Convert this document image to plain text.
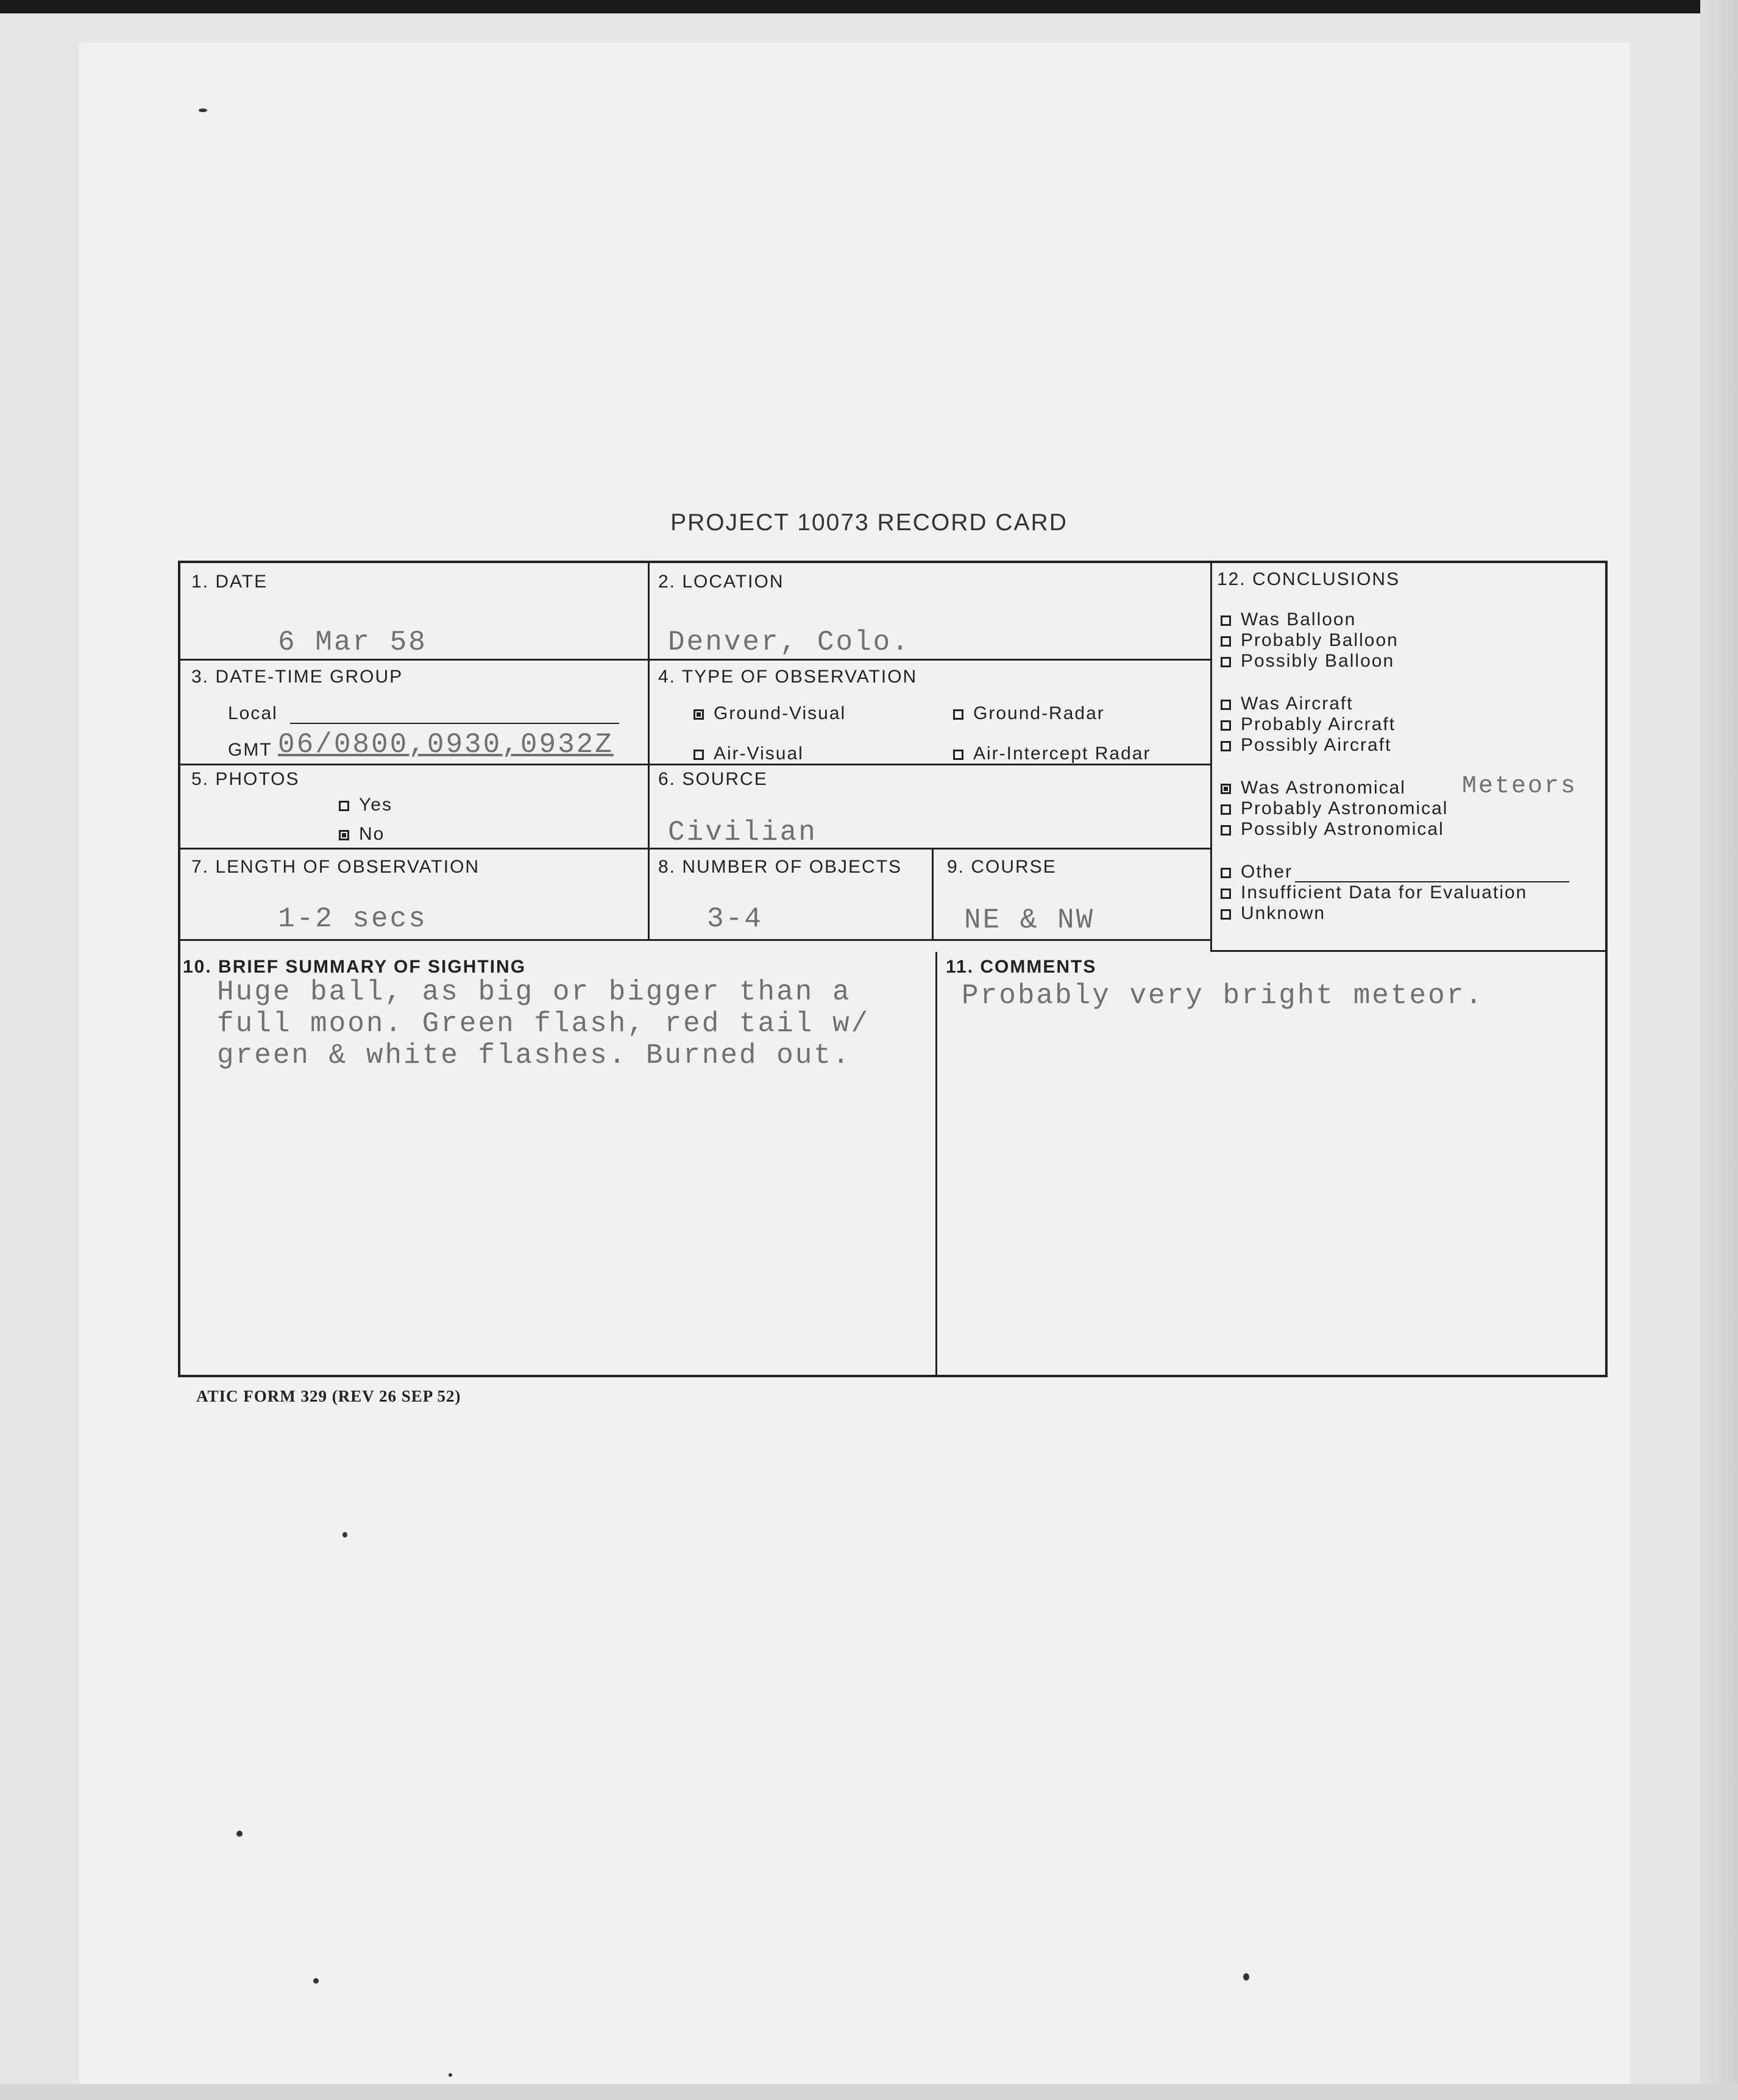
PROJECT 10073 RECORD CARD
1. DATE
6 Mar 58
2. LOCATION
Denver, Colo.
3. DATE-TIME GROUP
Local
GMT 06/0800,0930,0932Z
4. TYPE OF OBSERVATION
Ground-Visual	Ground-Radar
Air-Visual	Air-Intercept Radar
5. PHOTOS
Yes
No
6. SOURCE
Civilian
7. LENGTH OF OBSERVATION
1-2 secs
8. NUMBER OF OBJECTS
3-4
9. COURSE
NE & NW
12. CONCLUSIONS
Was Balloon
Probably Balloon
Possibly Balloon
Was Aircraft
Probably Aircraft
Possibly Aircraft
Was Astronomical Meteors
Probably Astronomical
Possibly Astronomical
Other
Insufficient Data for Evaluation
Unknown
10. BRIEF SUMMARY OF SIGHTING
Huge ball, as big or bigger than a
full moon. Green flash, red tail w/
green & white flashes. Burned out.
11. COMMENTS
Probably very bright meteor.
ATIC FORM 329 (REV 26 SEP 52)
